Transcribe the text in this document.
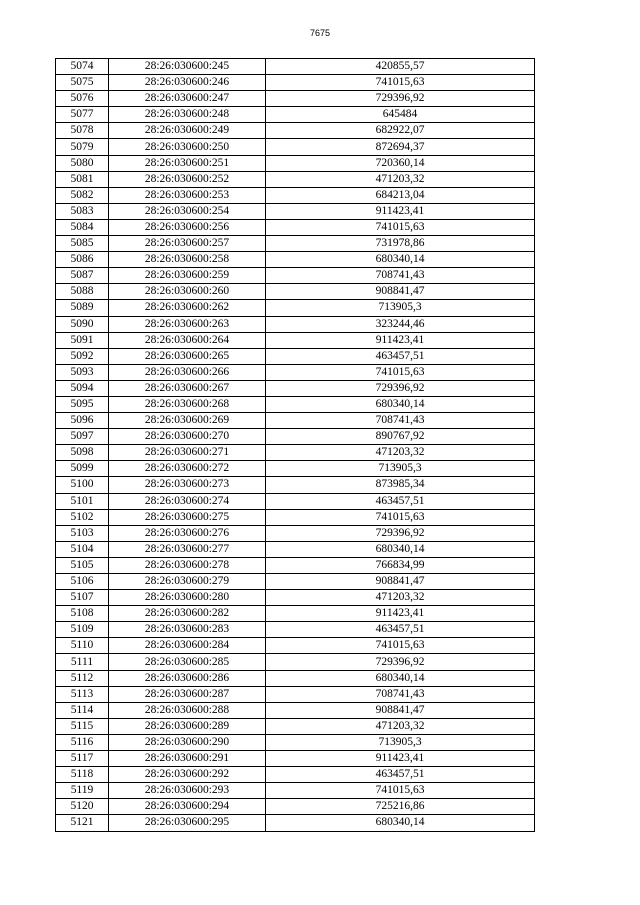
7675
5074	28:26:030600:245	420855,57
5075	28:26:030600:246	741015,63
5076	28:26:030600:247	729396,92
5077	28:26:030600:248	645484
5078	28:26:030600:249	682922,07
5079	28:26:030600:250	872694,37
5080	28:26:030600:251	720360,14
5081	28:26:030600:252	471203,32
5082	28:26:030600:253	684213,04
5083	28:26:030600:254	911423,41
5084	28:26:030600:256	741015,63
5085	28:26:030600:257	731978,86
5086	28:26:030600:258	680340,14
5087	28:26:030600:259	708741,43
5088	28:26:030600:260	908841,47
5089	28:26:030600:262	713905,3
5090	28:26:030600:263	323244,46
5091	28:26:030600:264	911423,41
5092	28:26:030600:265	463457,51
5093	28:26:030600:266	741015,63
5094	28:26:030600:267	729396,92
5095	28:26:030600:268	680340,14
5096	28:26:030600:269	708741,43
5097	28:26:030600:270	890767,92
5098	28:26:030600:271	471203,32
5099	28:26:030600:272	713905,3
5100	28:26:030600:273	873985,34
5101	28:26:030600:274	463457,51
5102	28:26:030600:275	741015,63
5103	28:26:030600:276	729396,92
5104	28:26:030600:277	680340,14
5105	28:26:030600:278	766834,99
5106	28:26:030600:279	908841,47
5107	28:26:030600:280	471203,32
5108	28:26:030600:282	911423,41
5109	28:26:030600:283	463457,51
5110	28:26:030600:284	741015,63
5111	28:26:030600:285	729396,92
5112	28:26:030600:286	680340,14
5113	28:26:030600:287	708741,43
5114	28:26:030600:288	908841,47
5115	28:26:030600:289	471203,32
5116	28:26:030600:290	713905,3
5117	28:26:030600:291	911423,41
5118	28:26:030600:292	463457,51
5119	28:26:030600:293	741015,63
5120	28:26:030600:294	725216,86
5121	28:26:030600:295	680340,14
